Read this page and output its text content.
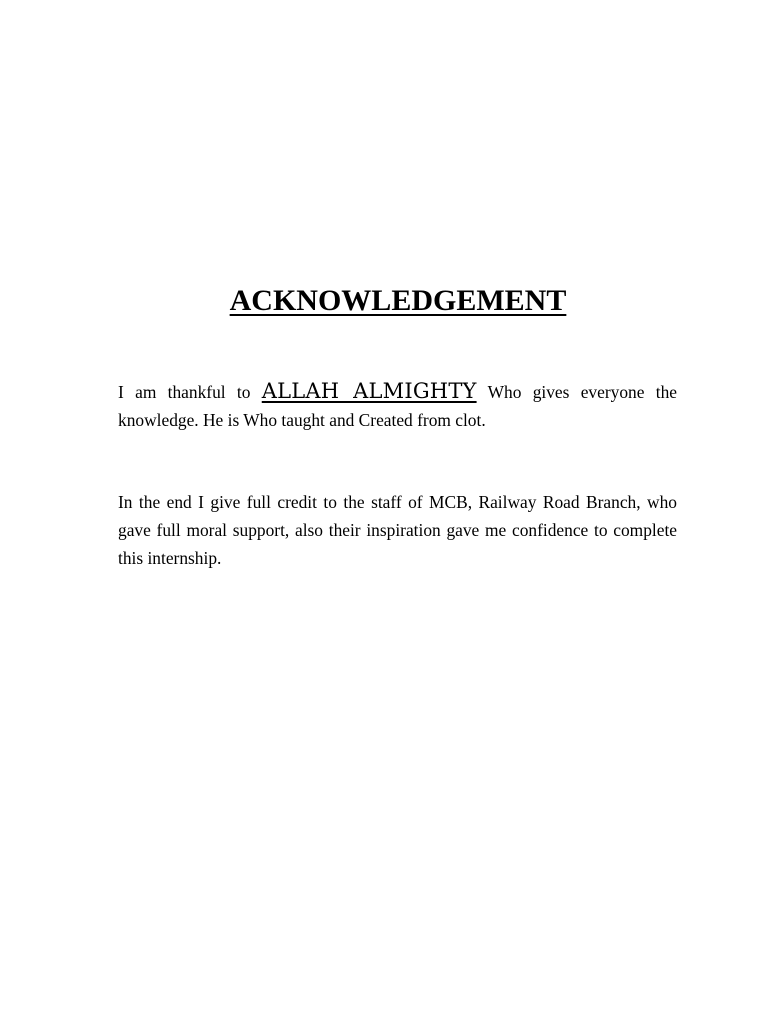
ACKNOWLEDGEMENT

I am thankful to ALLAH ALMIGHTY Who gives everyone the knowledge. He is Who taught and Created from clot.

In the end I give full credit to the staff of MCB, Railway Road Branch, who gave full moral support, also their inspiration gave me confidence to complete this internship.
